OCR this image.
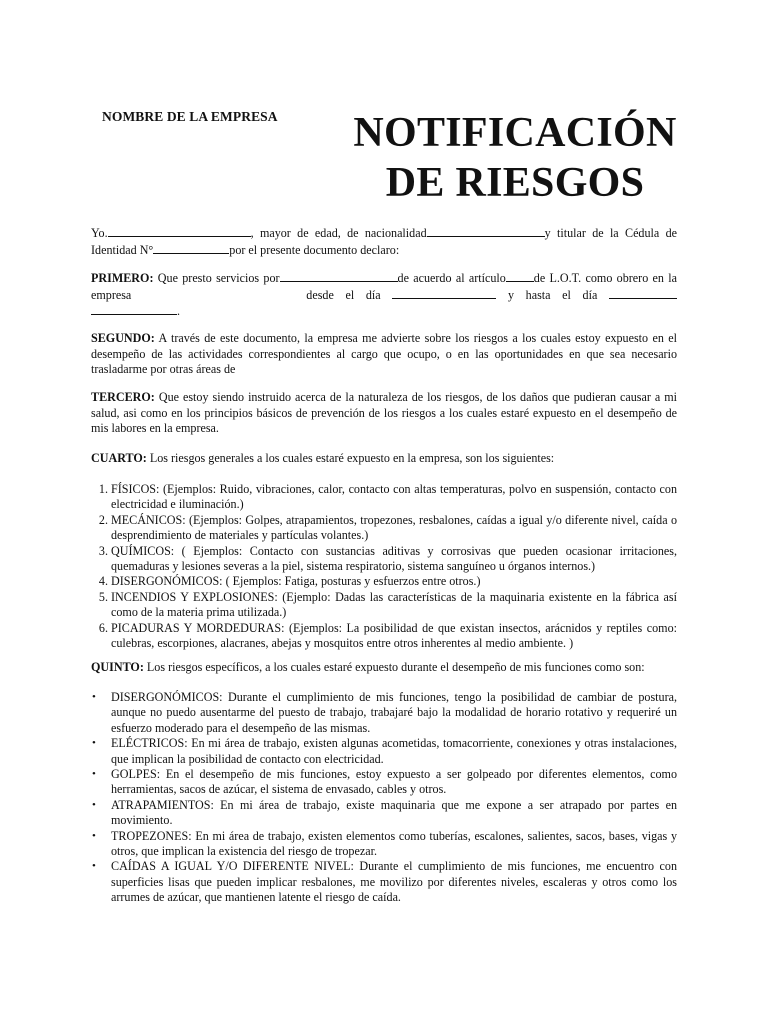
NOMBRE DE LA EMPRESA	NOTIFICACIÓN
DE RIESGOS
Yo.	, mayor de edad, de nacionalidad	y titular de la Cédula de Identidad N°	por el presente documento declaro:
PRIMERO: Que presto servicios por	de acuerdo al artículo de L.O.T. como obrero en la empresa	desde el día	y hasta el día  .
SEGUNDO: A través de este documento, la empresa me advierte sobre los riesgos a los cuales estoy expuesto en el desempeño de las actividades correspondientes al cargo que ocupo, o en las oportunidades en que sea necesario trasladarme por otras áreas de
TERCERO: Que estoy siendo instruido acerca de la naturaleza de los riesgos, de los daños que pudieran causar a mi salud, asi como en los principios básicos de prevención de los riesgos a los cuales estaré expuesto en el desempeño de mis labores en la empresa.
CUARTO: Los riesgos generales a los cuales estaré expuesto en la empresa, son los siguientes:
1. FÍSICOS: (Ejemplos: Ruido, vibraciones, calor, contacto con altas temperaturas, polvo en suspensión, contacto con electricidad e iluminación.)
2. MECÁNICOS: (Ejemplos: Golpes, atrapamientos, tropezones, resbalones, caídas a igual y/o diferente nivel, caída o desprendimiento de materiales y partículas volantes.)
3. QUÍMICOS: ( Ejemplos: Contacto con sustancias aditivas y corrosivas que pueden ocasionar irritaciones, quemaduras y lesiones severas a la piel, sistema respiratorio, sistema sanguíneo u órganos internos.)
4. DISERGONÓMICOS: ( Ejemplos: Fatiga, posturas y esfuerzos entre otros.)
5. INCENDIOS Y EXPLOSIONES: (Ejemplo: Dadas las características de la maquinaria existente en la fábrica así como de la materia prima utilizada.)
6. PICADURAS Y MORDEDURAS: (Ejemplos: La posibilidad de que existan insectos, arácnidos y reptiles como: culebras, escorpiones, alacranes, abejas y mosquitos entre otros inherentes al medio ambiente. )
QUINTO: Los riesgos específicos, a los cuales estaré expuesto durante el desempeño de mis funciones como son:
• DISERGONÓMICOS: Durante el cumplimiento de mis funciones, tengo la posibilidad de cambiar de postura, aunque no puedo ausentarme del puesto de trabajo, trabajaré bajo la modalidad de horario rotativo y requeriré un esfuerzo moderado para el desempeño de las mismas.
• ELÉCTRICOS: En mi área de trabajo, existen algunas acometidas, tomacorriente, conexiones y otras instalaciones, que implican la posibilidad de contacto con electricidad.
• GOLPES: En el desempeño de mis funciones, estoy expuesto a ser golpeado por diferentes elementos, como herramientas, sacos de azúcar, el sistema de envasado, cables y otros.
• ATRAPAMIENTOS: En mi área de trabajo, existe maquinaria que me expone a ser atrapado por partes en movimiento.
• TROPEZONES: En mi área de trabajo, existen elementos como tuberías, escalones, salientes, sacos, bases, vigas y otros, que implican la existencia del riesgo de tropezar.
• CAÍDAS A IGUAL Y/O DIFERENTE NIVEL: Durante el cumplimiento de mis funciones, me encuentro con superficies lisas que pueden implicar resbalones, me movilizo por diferentes niveles, escaleras y otros como los arrumes de azúcar, que mantienen latente el riesgo de caída.
